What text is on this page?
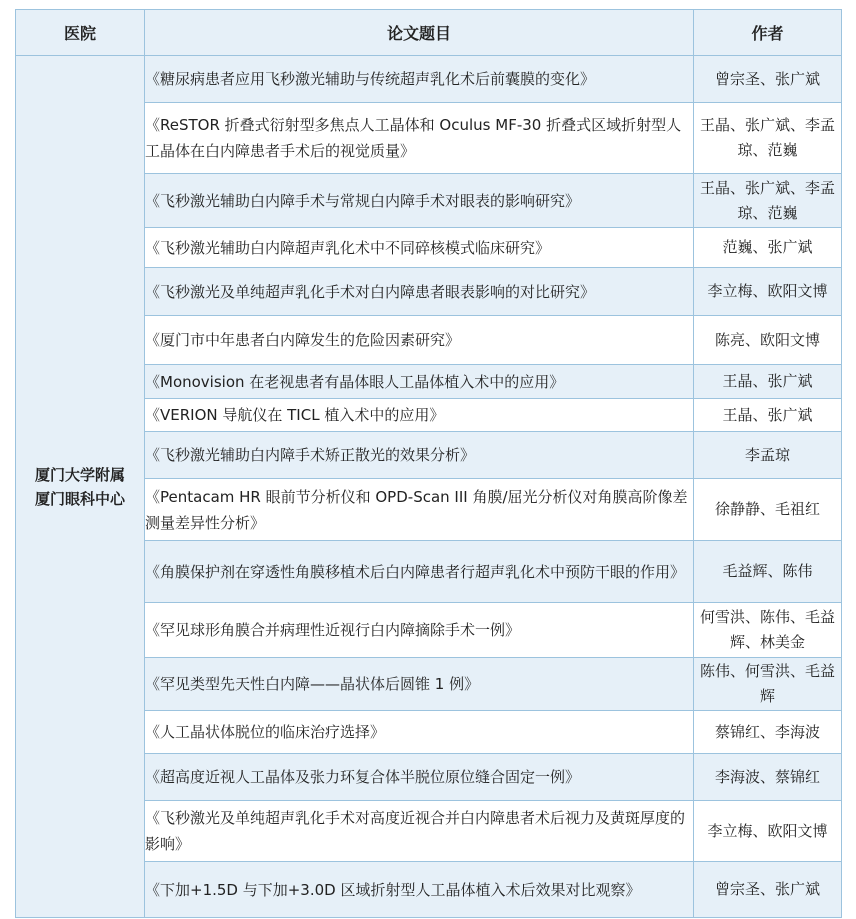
医院	论文题目	作者

厦门大学附属
厦门眼科中心	《糖尿病患者应用飞秒激光辅助与传统超声乳化术后前囊膜的变化》	曾宗圣、张广斌
	《ReSTOR 折叠式衍射型多焦点人工晶体和 Oculus MF-30 折叠式区域折射型人工晶体在白内障患者手术后的视觉质量》	王晶、张广斌、李孟琼、范巍
	《飞秒激光辅助白内障手术与常规白内障手术对眼表的影响研究》	王晶、张广斌、李孟琼、范巍
	《飞秒激光辅助白内障超声乳化术中不同碎核模式临床研究》	范巍、张广斌
	《飞秒激光及单纯超声乳化手术对白内障患者眼表影响的对比研究》	李立梅、欧阳文博
	《厦门市中年患者白内障发生的危险因素研究》	陈亮、欧阳文博
	《Monovision 在老视患者有晶体眼人工晶体植入术中的应用》	王晶、张广斌
	《VERION 导航仪在 TICL 植入术中的应用》	王晶、张广斌
	《飞秒激光辅助白内障手术矫正散光的效果分析》	李孟琼
	《Pentacam HR 眼前节分析仪和 OPD-Scan III 角膜/屈光分析仪对角膜高阶像差测量差异性分析》	徐静静、毛祖红
	《角膜保护剂在穿透性角膜移植术后白内障患者行超声乳化术中预防干眼的作用》	毛益辉、陈伟
	《罕见球形角膜合并病理性近视行白内障摘除手术一例》	何雪洪、陈伟、毛益辉、林美金
	《罕见类型先天性白内障——晶状体后圆锥 1 例》	陈伟、何雪洪、毛益辉
	《人工晶状体脱位的临床治疗选择》	蔡锦红、李海波
	《超高度近视人工晶体及张力环复合体半脱位原位缝合固定一例》	李海波、蔡锦红
	《飞秒激光及单纯超声乳化手术对高度近视合并白内障患者术后视力及黄斑厚度的影响》	李立梅、欧阳文博
	《下加+1.5D 与下加+3.0D 区域折射型人工晶体植入术后效果对比观察》	曾宗圣、张广斌
